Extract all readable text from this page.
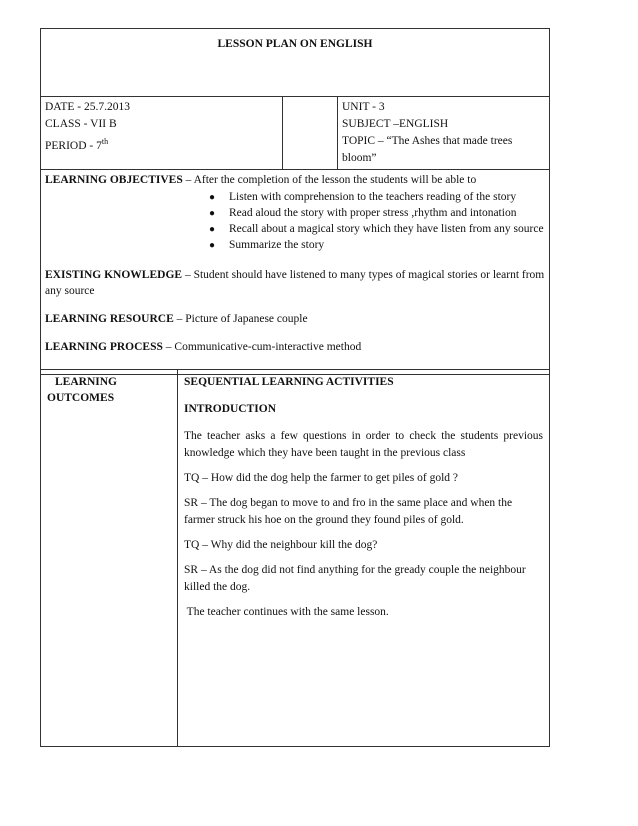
LESSON PLAN ON ENGLISH

DATE - 25.7.2013
CLASS - VII B
PERIOD - 7th

UNIT - 3
SUBJECT –ENGLISH
TOPIC – “The Ashes that made trees
bloom”

LEARNING OBJECTIVES – After the completion of the lesson the students will be able to
●	Listen with comprehension to the teachers reading of the story
●	Read aloud the story with proper stress ,rhythm and intonation
●	Recall about a magical story which they have listen from any source
●	Summarize the story
EXISTING KNOWLEDGE – Student should have listened to many types of magical stories or learnt from any source
LEARNING RESOURCE – Picture of Japanese couple
LEARNING PROCESS – Communicative-cum-interactive method
LEARNING
OUTCOMES

SEQUENTIAL LEARNING ACTIVITIES
INTRODUCTION
The teacher asks a few questions in order to check the students previous knowledge which they have been taught in the previous class
TQ – How did the dog help the farmer to get piles of gold ?
SR – The dog began to move to and fro in the same place and when the farmer struck his hoe on the ground they found piles of gold.
TQ – Why did the neighbour kill the dog?
SR – As the dog did not find anything for the gready couple the neighbour killed the dog.
The teacher continues with the same lesson.
